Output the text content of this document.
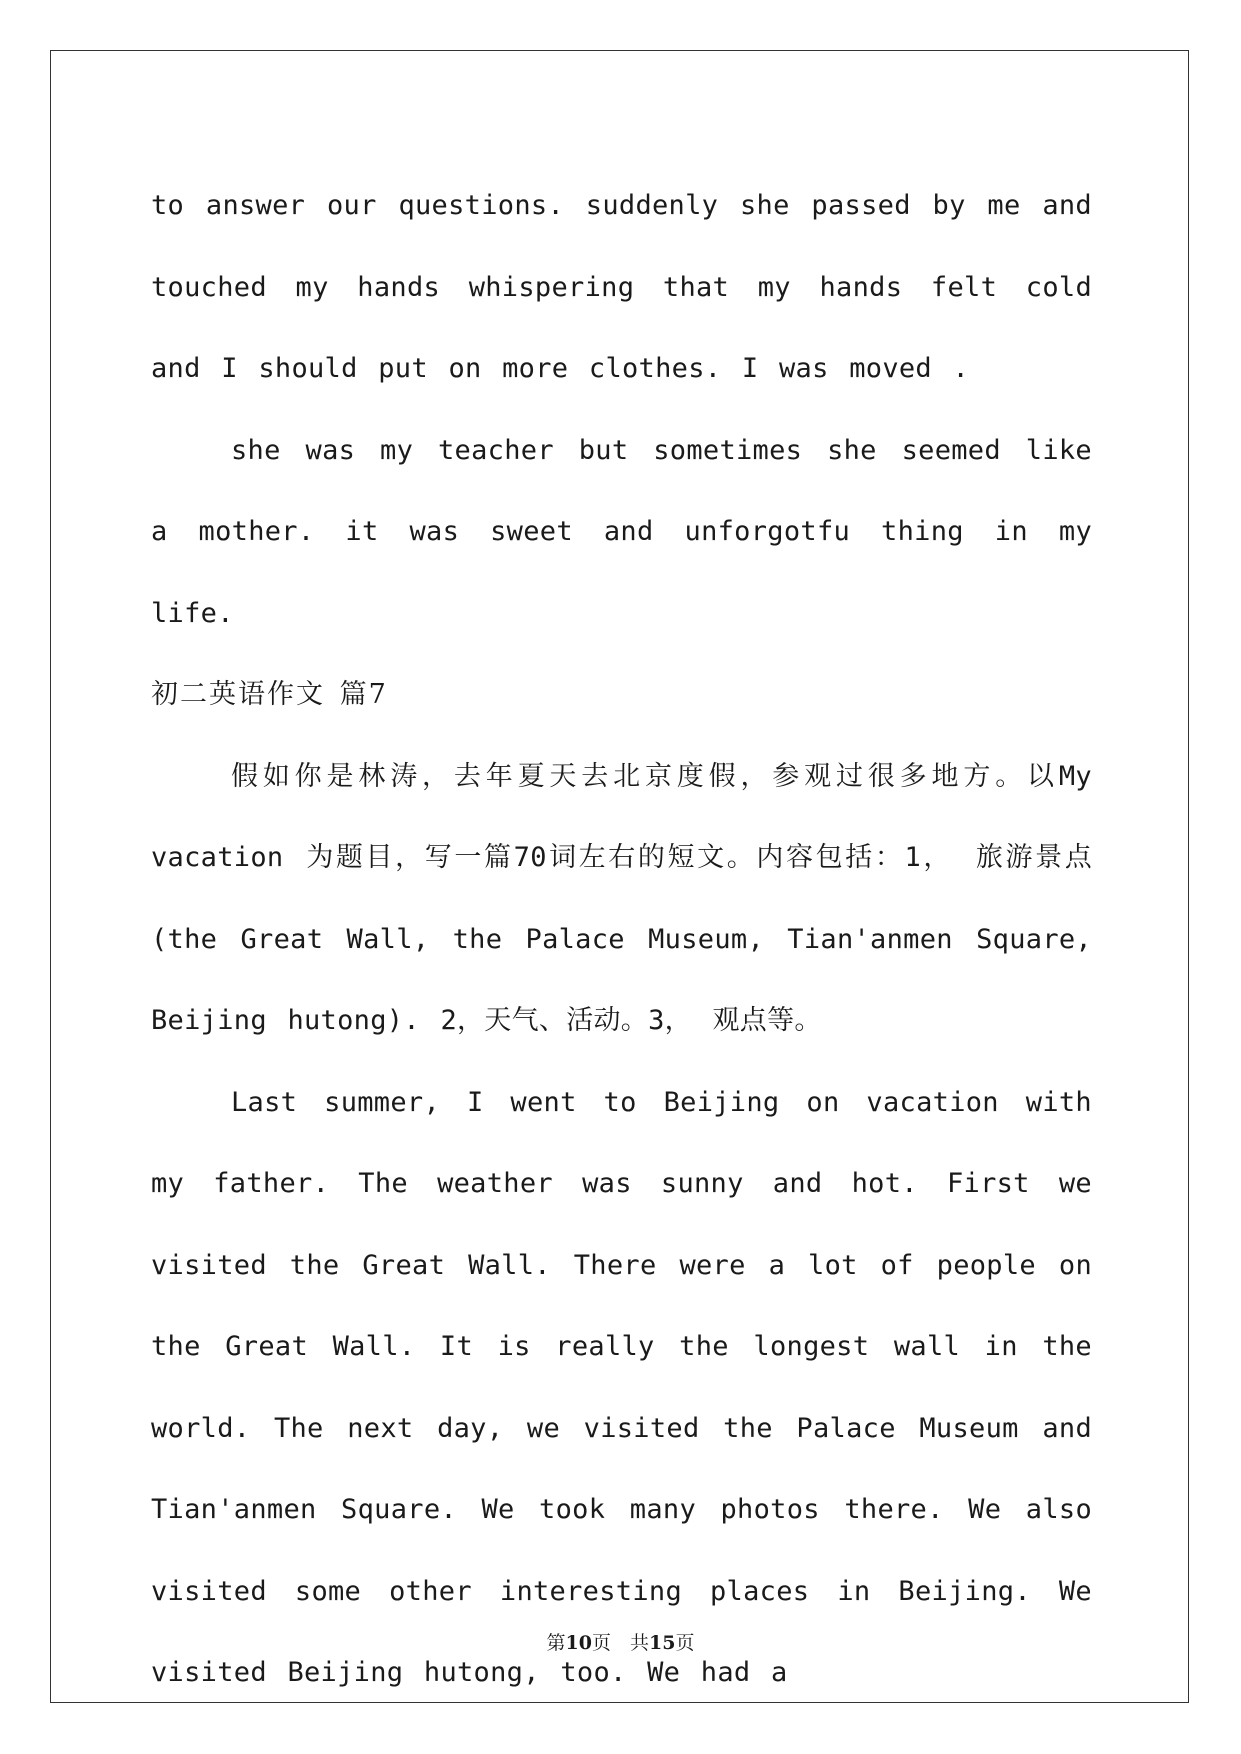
to answer our questions. suddenly she passed by me and touched my hands whispering that my hands felt cold and I should put on more clothes. I was moved .

she was my teacher but sometimes she seemed like a mother. it was sweet and unforgotfu thing in my life.

初二英语作文 篇7

假如你是林涛，去年夏天去北京度假，参观过很多地方。以My vacation 为题目，写一篇70词左右的短文。内容包括：1， 旅游景点(the Great Wall, the Palace Museum, Tian'anmen Square, Beijing hutong). 2，天气、活动。3， 观点等。

Last summer, I went to Beijing on vacation with my father. The weather was sunny and hot. First we visited the Great Wall. There were a lot of people on the Great Wall. It is really the longest wall in the world. The next day, we visited the Palace Museum and Tian'anmen Square. We took many photos there. We also visited some other interesting places in Beijing. We visited Beijing hutong, too. We had a

第10页　共15页
